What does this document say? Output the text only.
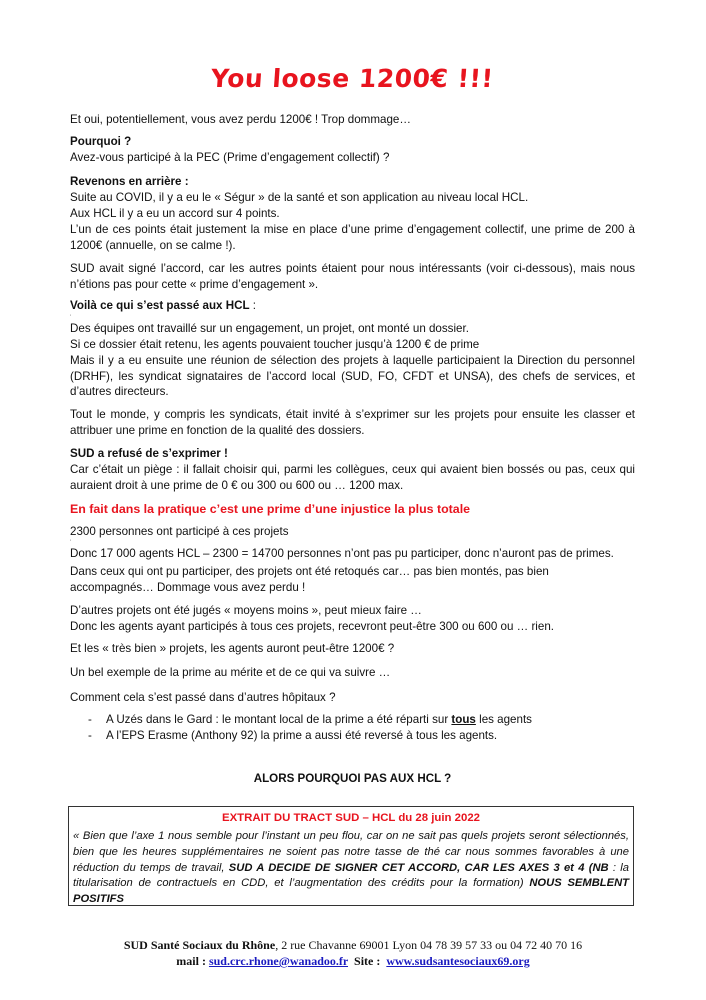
You loose 1200€ !!!

Et oui, potentiellement, vous avez perdu 1200€ ! Trop dommage…

Pourquoi ?

Avez-vous participé à la PEC (Prime d’engagement collectif) ?

Revenons en arrière :

Suite au COVID, il y a eu le « Ségur » de la santé et son application au niveau local HCL.

Aux HCL il y a eu un accord sur 4 points.

L’un de ces points était justement la mise en place d’une prime d’engagement collectif, une prime de 200 à 1200€ (annuelle, on se calme !).

SUD avait signé l’accord, car les autres points étaient pour nous intéressants (voir ci-dessous), mais nous n’étions pas pour cette « prime d’engagement ».

Voilà ce qui s’est passé aux HCL :

'

Des équipes ont travaillé sur un engagement, un projet, ont monté un dossier.

Si ce dossier était retenu, les agents pouvaient toucher jusqu’à 1200 € de prime

Mais il y a eu ensuite une réunion de sélection des projets à laquelle participaient la Direction du personnel (DRHF), les syndicat signataires de l’accord local (SUD, FO, CFDT et UNSA), des chefs de services, et d’autres directeurs.

Tout le monde, y compris les syndicats, était invité à s’exprimer sur les projets pour ensuite les classer et attribuer une prime en fonction de la qualité des dossiers.

SUD a refusé de s’exprimer !

Car c’était un piège : il fallait choisir qui, parmi les collègues, ceux qui avaient bien bossés ou pas, ceux qui auraient droit à une prime de 0 € ou 300 ou 600 ou … 1200 max.

En fait dans la pratique c’est une prime d’une injustice la plus totale

2300 personnes ont participé à ces projets

'

Donc 17 000 agents HCL – 2300 = 14700 personnes n’ont pas pu participer, donc n’auront pas de primes.

Dans ceux qui ont pu participer, des projets ont été retoqués car… pas bien montés, pas bien accompagnés… Dommage vous avez perdu !

D’autres projets ont été jugés « moyens moins », peut mieux faire …

Donc les agents ayant participés à tous ces projets, recevront peut-être 300 ou 600 ou … rien.

Et les « très bien » projets, les agents auront peut-être 1200€ ?

Un bel exemple de la prime au mérite et de ce qui va suivre …

Comment cela s’est passé dans d’autres hôpitaux ?

-	A Uzés dans le Gard : le montant local de la prime a été réparti sur tous les agents
-	A l’EPS Erasme (Anthony 92) la prime a aussi été reversé à tous les agents.

ALORS POURQUOI PAS AUX HCL ?

EXTRAIT DU TRACT SUD – HCL du 28 juin 2022
« Bien que l’axe 1 nous semble pour l’instant un peu flou, car on ne sait pas quels projets seront sélectionnés, bien que les heures supplémentaires ne soient pas notre tasse de thé car nous sommes favorables à une réduction du temps de travail, SUD A DECIDE DE SIGNER CET ACCORD, CAR LES AXES 3 et 4 (NB : la titularisation de contractuels en CDD, et l’augmentation des crédits pour la formation) NOUS SEMBLENT POSITIFS
SUD Santé Sociaux du Rhône, 2 rue Chavanne 69001 Lyon 04 78 39 57 33 ou 04 72 40 70 16
mail : sud.crc.rhone@wanadoo.fr  Site :  www.sudsantesociaux69.org
